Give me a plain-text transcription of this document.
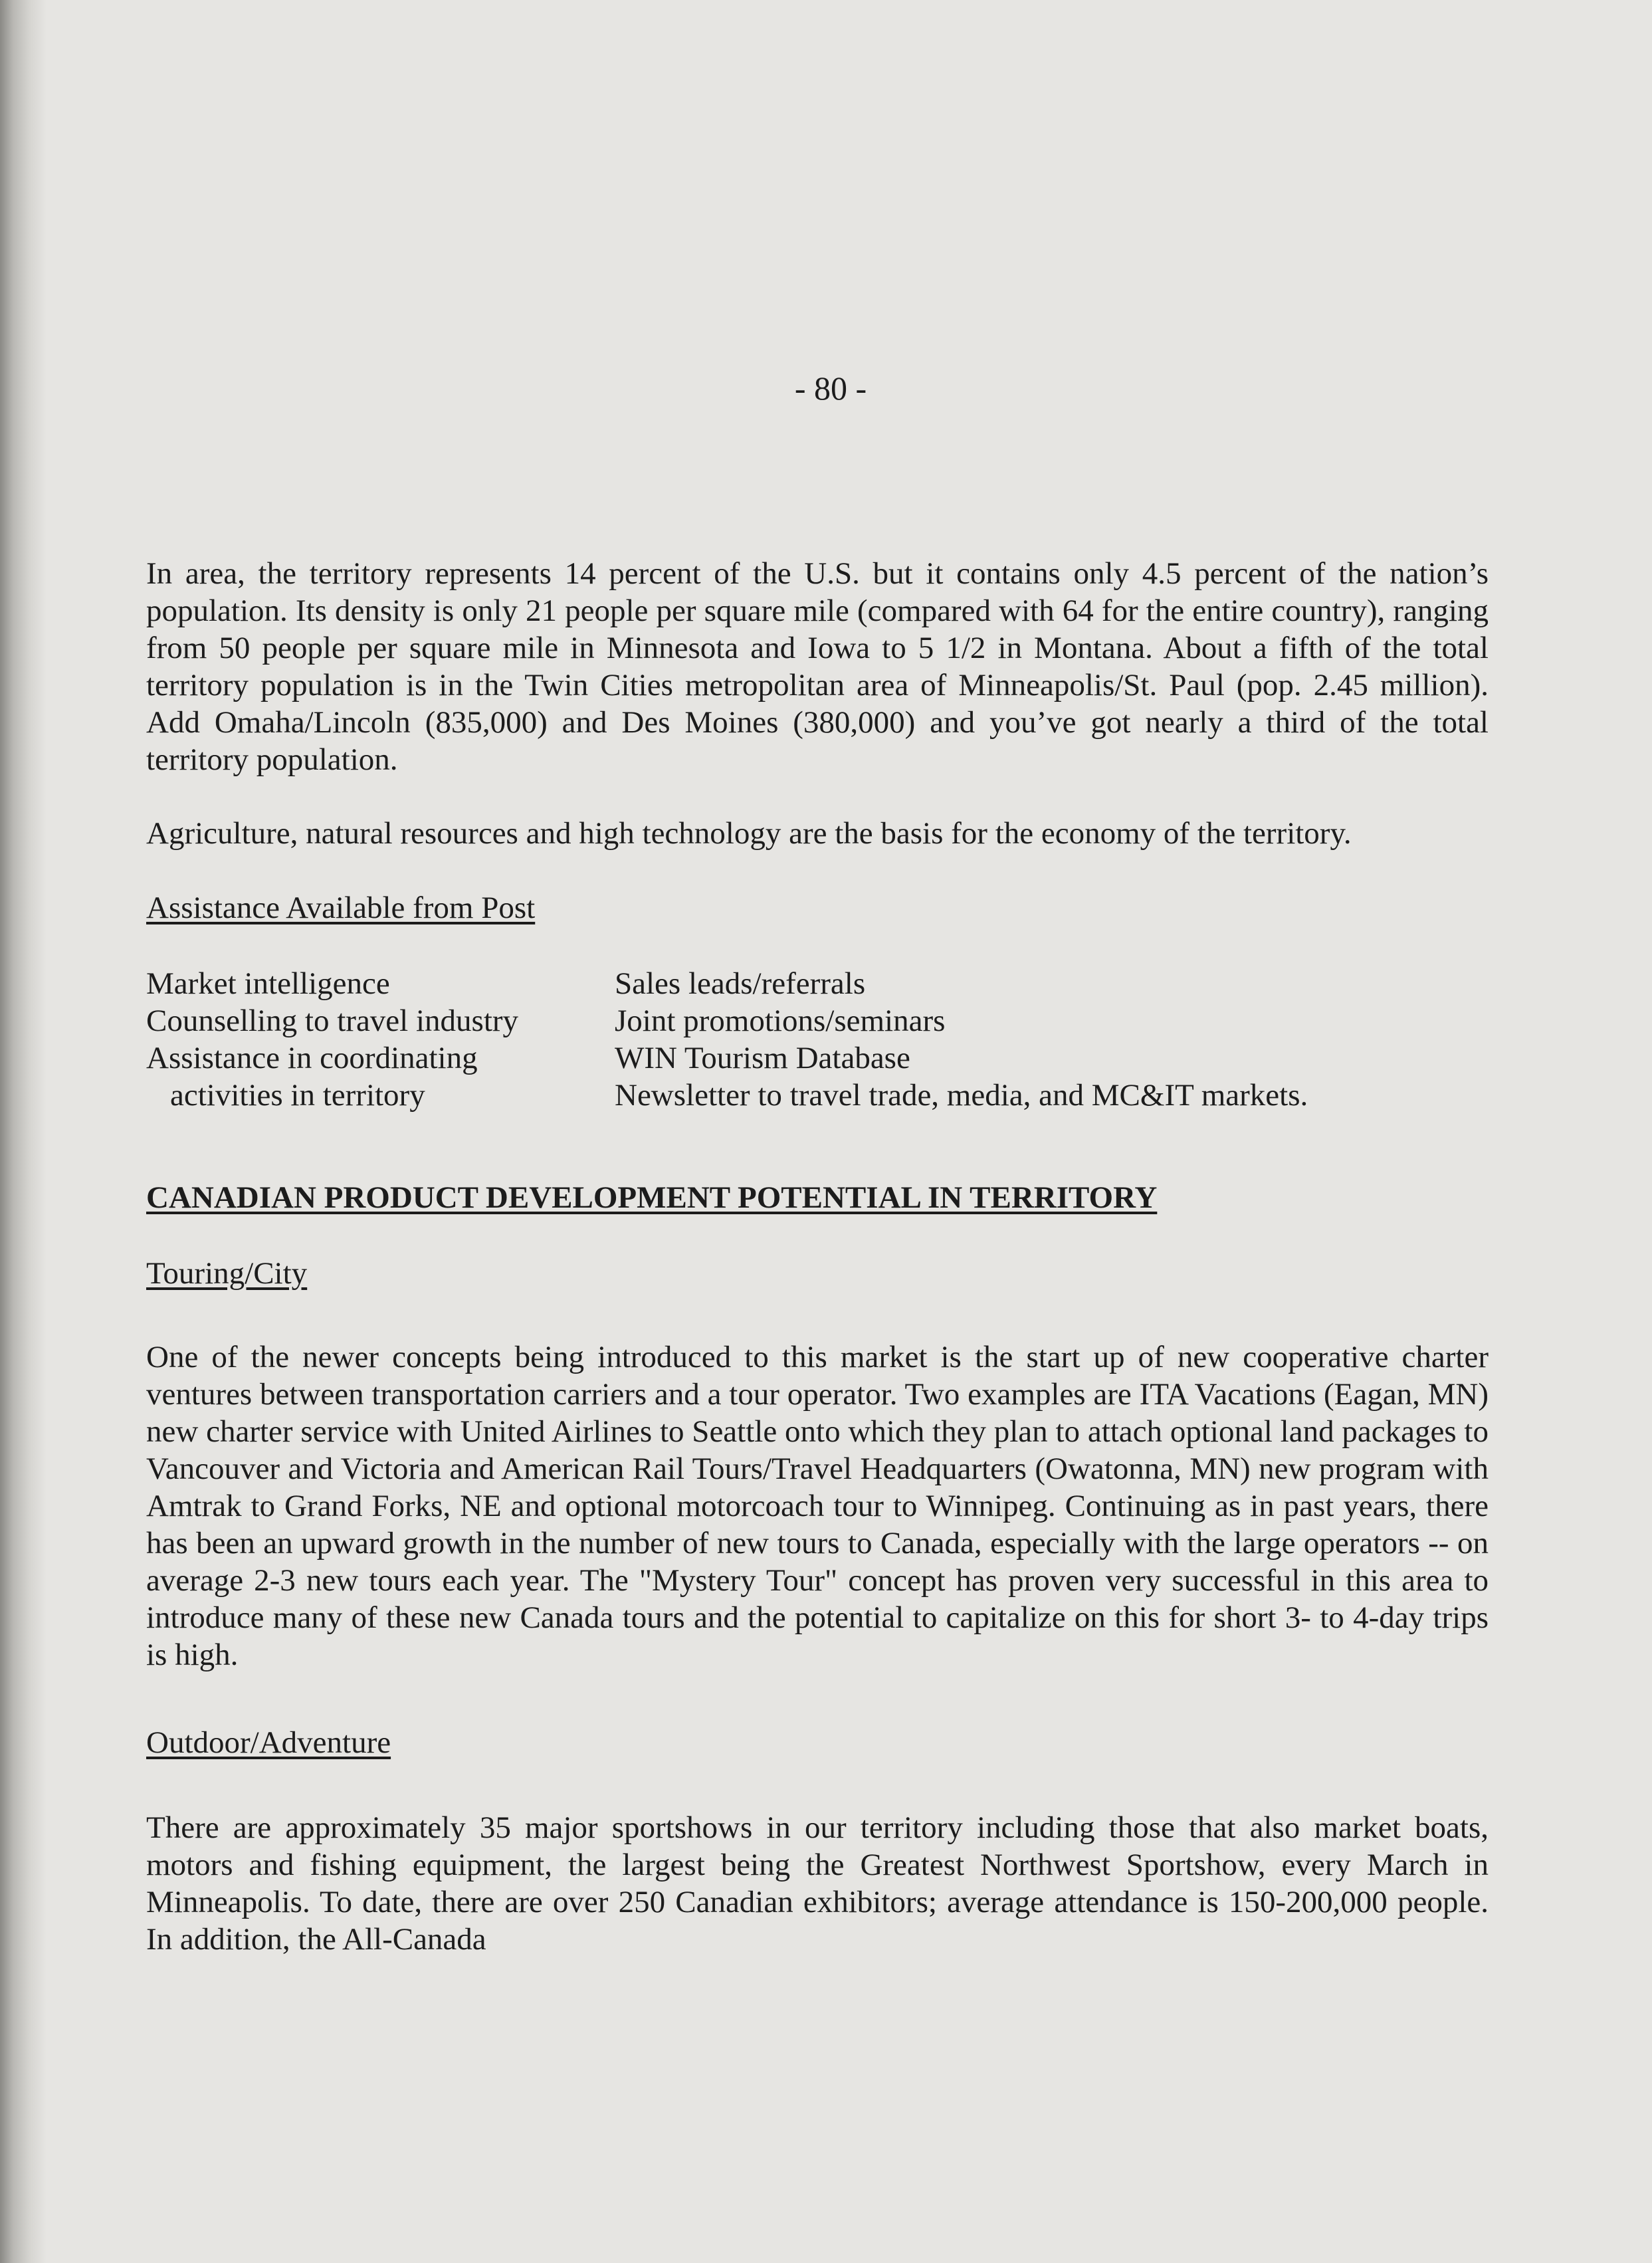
- 80 -

In area, the territory represents 14 percent of the U.S. but it contains only 4.5 percent of the nation’s population. Its density is only 21 people per square mile (compared with 64 for the entire country), ranging from 50 people per square mile in Minnesota and Iowa to 5 1/2 in Montana. About a fifth of the total territory population is in the Twin Cities metropolitan area of Minneapolis/St. Paul (pop. 2.45 million). Add Omaha/Lincoln (835,000) and Des Moines (380,000) and you’ve got nearly a third of the total territory population.

Agriculture, natural resources and high technology are the basis for the economy of the territory.

Assistance Available from Post
Market intelligence	Sales leads/referrals
Counselling to travel industry	Joint promotions/seminars
Assistance in coordinating	WIN Tourism Database
activities in territory	Newsletter to travel trade, media, and MC&IT markets.
CANADIAN PRODUCT DEVELOPMENT POTENTIAL IN TERRITORY
Touring/City

One of the newer concepts being introduced to this market is the start up of new cooperative charter ventures between transportation carriers and a tour operator. Two examples are ITA Vacations (Eagan, MN) new charter service with United Airlines to Seattle onto which they plan to attach optional land packages to Vancouver and Victoria and American Rail Tours/Travel Headquarters (Owatonna, MN) new program with Amtrak to Grand Forks, NE and optional motorcoach tour to Winnipeg. Continuing as in past years, there has been an upward growth in the number of new tours to Canada, especially with the large operators -- on average 2-3 new tours each year. The "Mystery Tour" concept has proven very successful in this area to introduce many of these new Canada tours and the potential to capitalize on this for short 3- to 4-day trips is high.

Outdoor/Adventure

There are approximately 35 major sportshows in our territory including those that also market boats, motors and fishing equipment, the largest being the Greatest Northwest Sportshow, every March in Minneapolis. To date, there are over 250 Canadian exhibitors; average attendance is 150-200,000 people. In addition, the All-Canada
